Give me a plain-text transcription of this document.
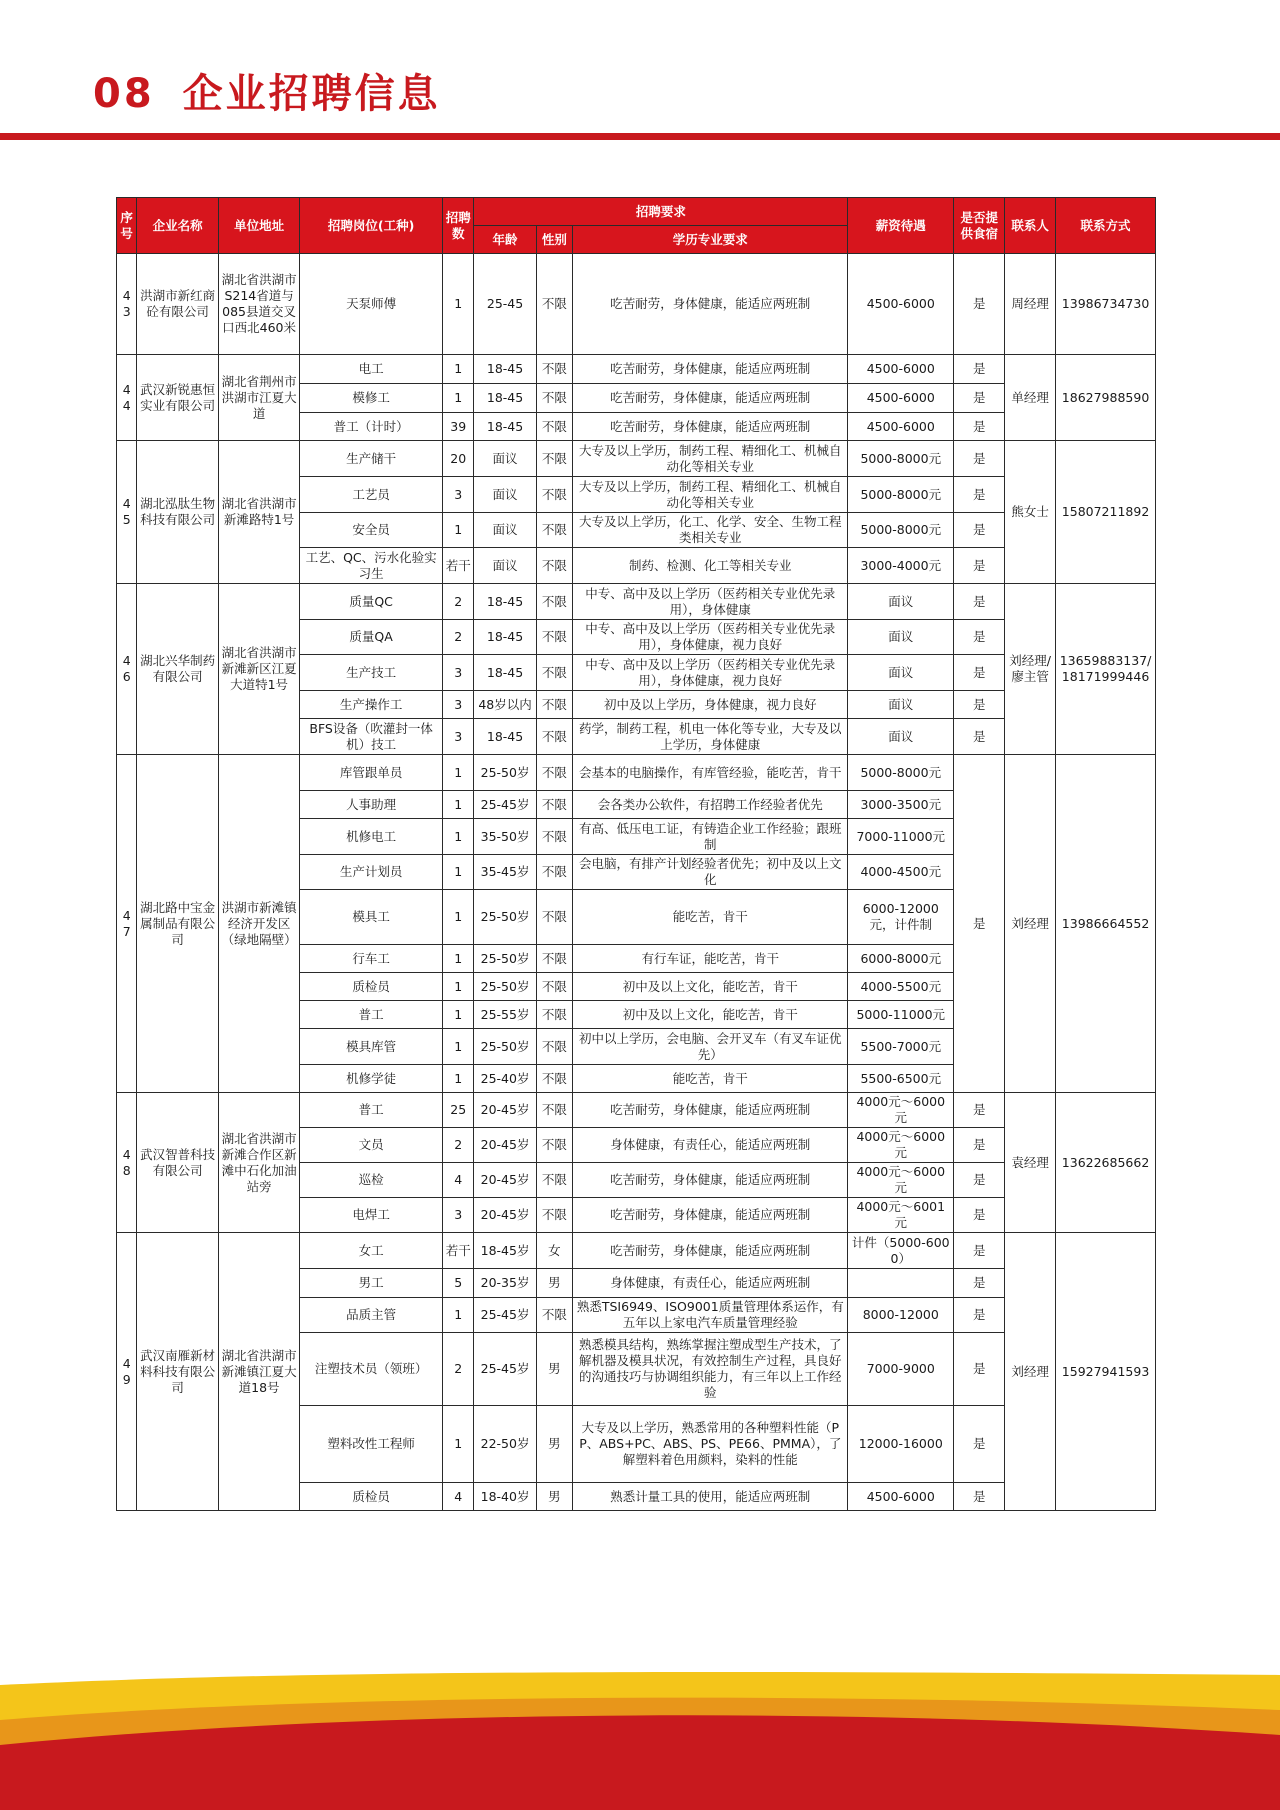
08 企业招聘信息
序号	企业名称	单位地址	招聘岗位(工种)	招聘数	招聘要求			薪资待遇	是否提供食宿	联系人	联系方式
					年龄	性别	学历专业要求				
43	洪湖市新红商砼有限公司	湖北省洪湖市S214省道与085县道交叉口西北460米	天泵师傅	1	25-45	不限	吃苦耐劳，身体健康，能适应两班制	4500-6000	是	周经理	13986734730
44	武汉新锐惠恒实业有限公司	湖北省荆州市洪湖市江夏大道	电工	1	18-45	不限	吃苦耐劳，身体健康，能适应两班制	4500-6000	是	单经理	18627988590
			模修工	1	18-45	不限	吃苦耐劳，身体健康，能适应两班制	4500-6000	是		
			普工（计时）	39	18-45	不限	吃苦耐劳，身体健康，能适应两班制	4500-6000	是		
45	湖北泓肽生物科技有限公司	湖北省洪湖市新滩路特1号	生产储干	20	面议	不限	大专及以上学历，制药工程、精细化工、机械自动化等相关专业	5000-8000元	是	熊女士	15807211892
			工艺员	3	面议	不限	大专及以上学历，制药工程、精细化工、机械自动化等相关专业	5000-8000元	是		
			安全员	1	面议	不限	大专及以上学历，化工、化学、安全、生物工程类相关专业	5000-8000元	是		
			工艺、QC、污水化验实习生	若干	面议	不限	制药、检测、化工等相关专业	3000-4000元	是		
46	湖北兴华制药有限公司	湖北省洪湖市新滩新区江夏大道特1号	质量QC	2	18-45	不限	中专、高中及以上学历（医药相关专业优先录用），身体健康	面议	是	刘经理/廖主管	13659883137/18171999446
			质量QA	2	18-45	不限	中专、高中及以上学历（医药相关专业优先录用），身体健康，视力良好	面议	是		
			生产技工	3	18-45	不限	中专、高中及以上学历（医药相关专业优先录用），身体健康，视力良好	面议	是		
			生产操作工	3	48岁以内	不限	初中及以上学历，身体健康，视力良好	面议	是		
			BFS设备（吹灌封一体机）技工	3	18-45	不限	药学，制药工程，机电一体化等专业，大专及以上学历，身体健康	面议	是		
47	湖北路中宝金属制品有限公司	洪湖市新滩镇经济开发区（绿地隔壁）	库管跟单员	1	25-50岁	不限	会基本的电脑操作，有库管经验，能吃苦，肯干	5000-8000元	是	刘经理	13986664552
			人事助理	1	25-45岁	不限	会各类办公软件，有招聘工作经验者优先	3000-3500元			
			机修电工	1	35-50岁	不限	有高、低压电工证，有铸造企业工作经验；跟班制	7000-11000元			
			生产计划员	1	35-45岁	不限	会电脑，有排产计划经验者优先；初中及以上文化	4000-4500元			
			模具工	1	25-50岁	不限	能吃苦，肯干	6000-12000元，计件制			
			行车工	1	25-50岁	不限	有行车证，能吃苦，肯干	6000-8000元			
			质检员	1	25-50岁	不限	初中及以上文化，能吃苦，肯干	4000-5500元			
			普工	1	25-55岁	不限	初中及以上文化，能吃苦，肯干	5000-11000元			
			模具库管	1	25-50岁	不限	初中以上学历，会电脑、会开叉车（有叉车证优先）	5500-7000元			
			机修学徒	1	25-40岁	不限	能吃苦，肯干	5500-6500元			
48	武汉智普科技有限公司	湖北省洪湖市新滩合作区新滩中石化加油站旁	普工	25	20-45岁	不限	吃苦耐劳，身体健康，能适应两班制	4000元～6000元	是	袁经理	13622685662
			文员	2	20-45岁	不限	身体健康，有责任心，能适应两班制	4000元～6000元	是		
			巡检	4	20-45岁	不限	吃苦耐劳，身体健康，能适应两班制	4000元～6000元	是		
			电焊工	3	20-45岁	不限	吃苦耐劳，身体健康，能适应两班制	4000元～6001元	是		
49	武汉南雁新材料科技有限公司	湖北省洪湖市新滩镇江夏大道18号	女工	若干	18-45岁	女	吃苦耐劳，身体健康，能适应两班制	计件（5000-6000）	是	刘经理	15927941593
			男工	5	20-35岁	男	身体健康，有责任心，能适应两班制		是		
			品质主管	1	25-45岁	不限	熟悉TSI6949、ISO9001质量管理体系运作，有五年以上家电汽车质量管理经验	8000-12000	是		
			注塑技术员（领班）	2	25-45岁	男	熟悉模具结构，熟练掌握注塑成型生产技术，了解机器及模具状况，有效控制生产过程，具良好的沟通技巧与协调组织能力，有三年以上工作经验	7000-9000	是		
			塑料改性工程师	1	22-50岁	男	大专及以上学历，熟悉常用的各种塑料性能（PP、ABS+PC、ABS、PS、PE66、PMMA），了解塑料着色用颜料，染料的性能	12000-16000	是		
			质检员	4	18-40岁	男	熟悉计量工具的使用，能适应两班制	4500-6000	是		
